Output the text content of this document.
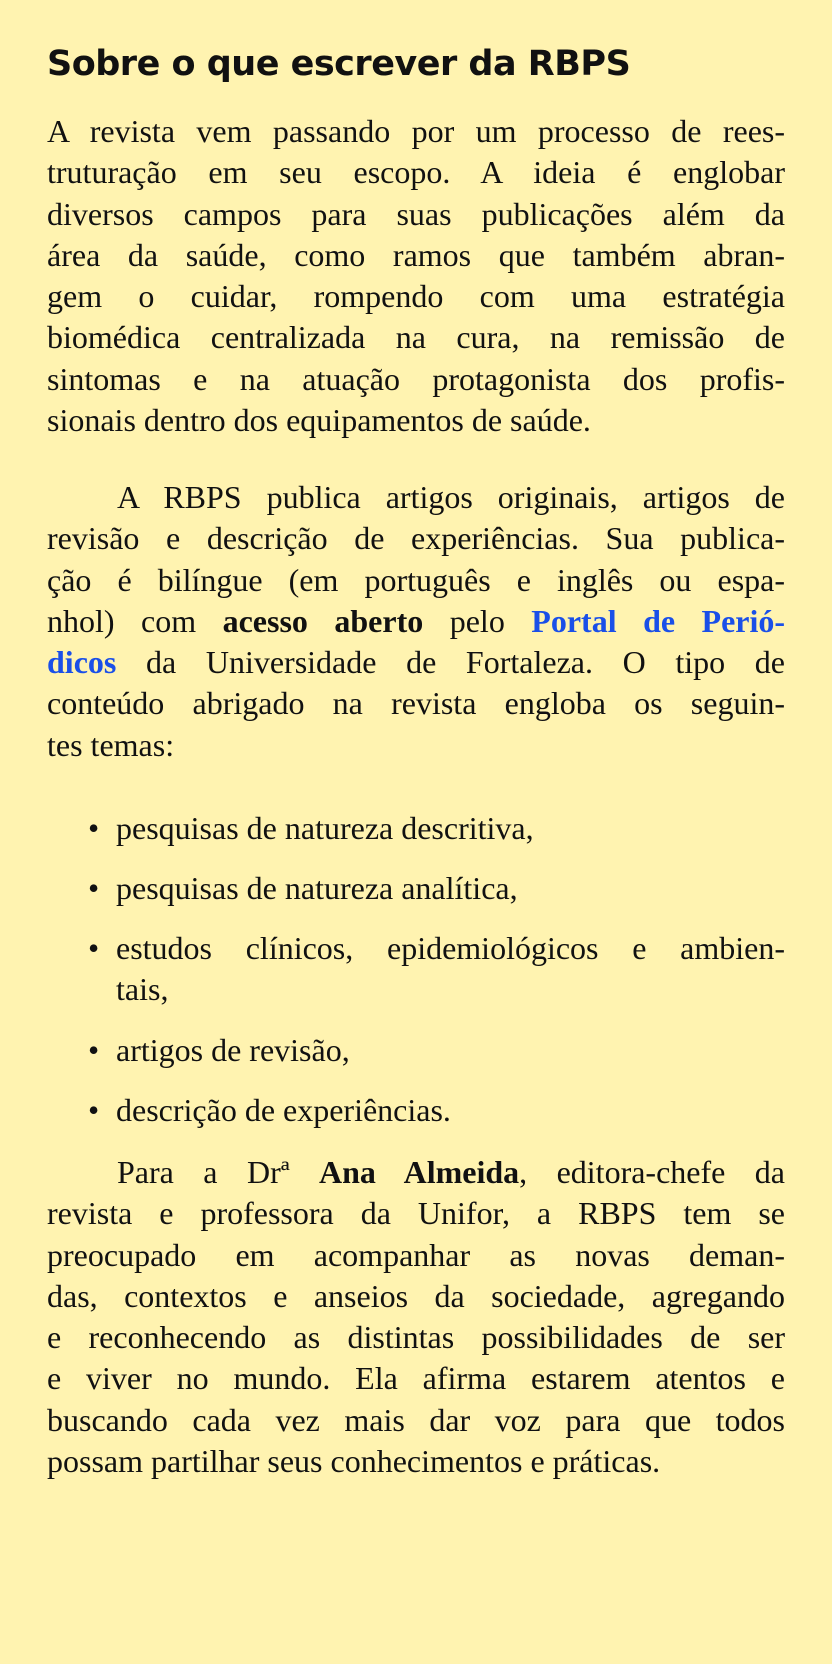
Sobre o que escrever da RBPS
A revista vem passando por um processo de rees-
truturação em seu escopo. A ideia é englobar
diversos campos para suas publicações além da
área da saúde, como ramos que também abran-
gem o cuidar, rompendo com uma estratégia
biomédica centralizada na cura, na remissão de
sintomas e na atuação protagonista dos profis-
sionais dentro dos equipamentos de saúde.
A RBPS publica artigos originais, artigos de
revisão e descrição de experiências. Sua publica-
ção é bilíngue (em português e inglês ou espa-
nhol) com acesso aberto pelo Portal de Perió-
dicos da Universidade de Fortaleza. O tipo de
conteúdo abrigado na revista engloba os seguin-
tes temas:
• pesquisas de natureza descritiva,
• pesquisas de natureza analítica,
• estudos clínicos, epidemiológicos e ambien-
tais,
• artigos de revisão,
• descrição de experiências.
Para a Drª Ana Almeida, editora-chefe da
revista e professora da Unifor, a RBPS tem se
preocupado em acompanhar as novas deman-
das, contextos e anseios da sociedade, agregando
e reconhecendo as distintas possibilidades de ser
e viver no mundo. Ela afirma estarem atentos e
buscando cada vez mais dar voz para que todos
possam partilhar seus conhecimentos e práticas.
